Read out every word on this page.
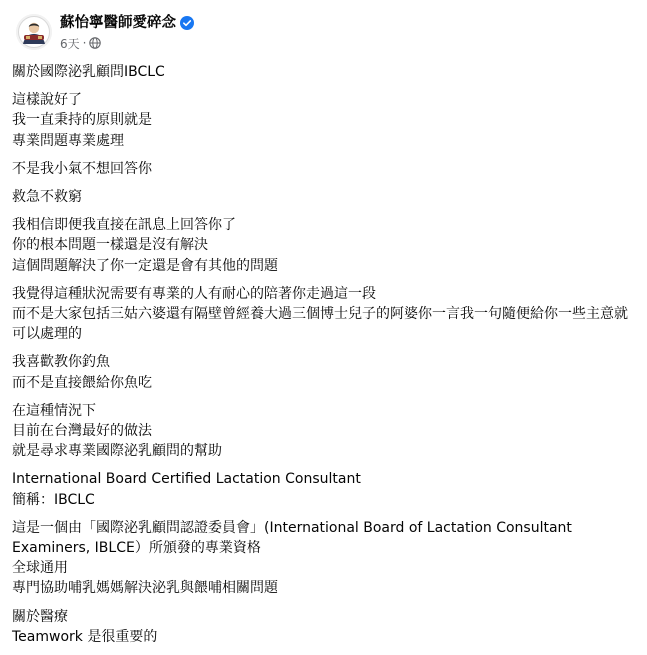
蘇怡寧醫師愛碎念
6天 ·
關於國際泌乳顧問IBCLC
這樣說好了
我一直秉持的原則就是
專業問題專業處理
不是我小氣不想回答你
救急不救窮
我相信即便我直接在訊息上回答你了
你的根本問題一樣還是沒有解決
這個問題解決了你一定還是會有其他的問題
我覺得這種狀況需要有專業的人有耐心的陪著你走過這一段
而不是大家包括三姑六婆還有隔壁曾經養大過三個博士兒子的阿婆你一言我一句隨便給你一些主意就可以處理的
我喜歡教你釣魚
而不是直接餵給你魚吃
在這種情況下
目前在台灣最好的做法
就是尋求專業國際泌乳顧問的幫助
International Board Certified Lactation Consultant
簡稱：IBCLC
這是一個由「國際泌乳顧問認證委員會」(International Board of Lactation Consultant Examiners, IBLCE）所頒發的專業資格
全球通用
專門協助哺乳媽媽解決泌乳與餵哺相關問題
關於醫療
Teamwork 是很重要的
